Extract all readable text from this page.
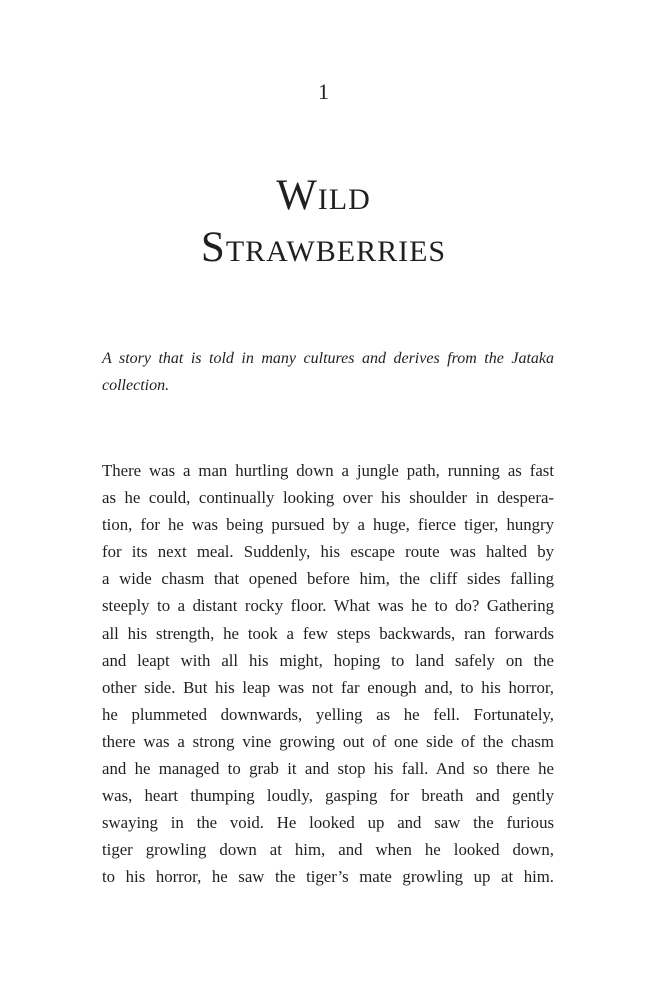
1
Wild
Strawberries
A story that is told in many cultures and derives from the Jataka collection.
There was a man hurtling down a jungle path, running as fast
as he could, continually looking over his shoulder in despera-
tion, for he was being pursued by a huge, fierce tiger, hungry
for its next meal. Suddenly, his escape route was halted by
a wide chasm that opened before him, the cliff sides falling
steeply to a distant rocky floor. What was he to do? Gathering
all his strength, he took a few steps backwards, ran forwards
and leapt with all his might, hoping to land safely on the
other side. But his leap was not far enough and, to his horror,
he plummeted downwards, yelling as he fell. Fortunately,
there was a strong vine growing out of one side of the chasm
and he managed to grab it and stop his fall. And so there he
was, heart thumping loudly, gasping for breath and gently
swaying in the void. He looked up and saw the furious
tiger growling down at him, and when he looked down,
to his horror, he saw the tiger’s mate growling up at him.
